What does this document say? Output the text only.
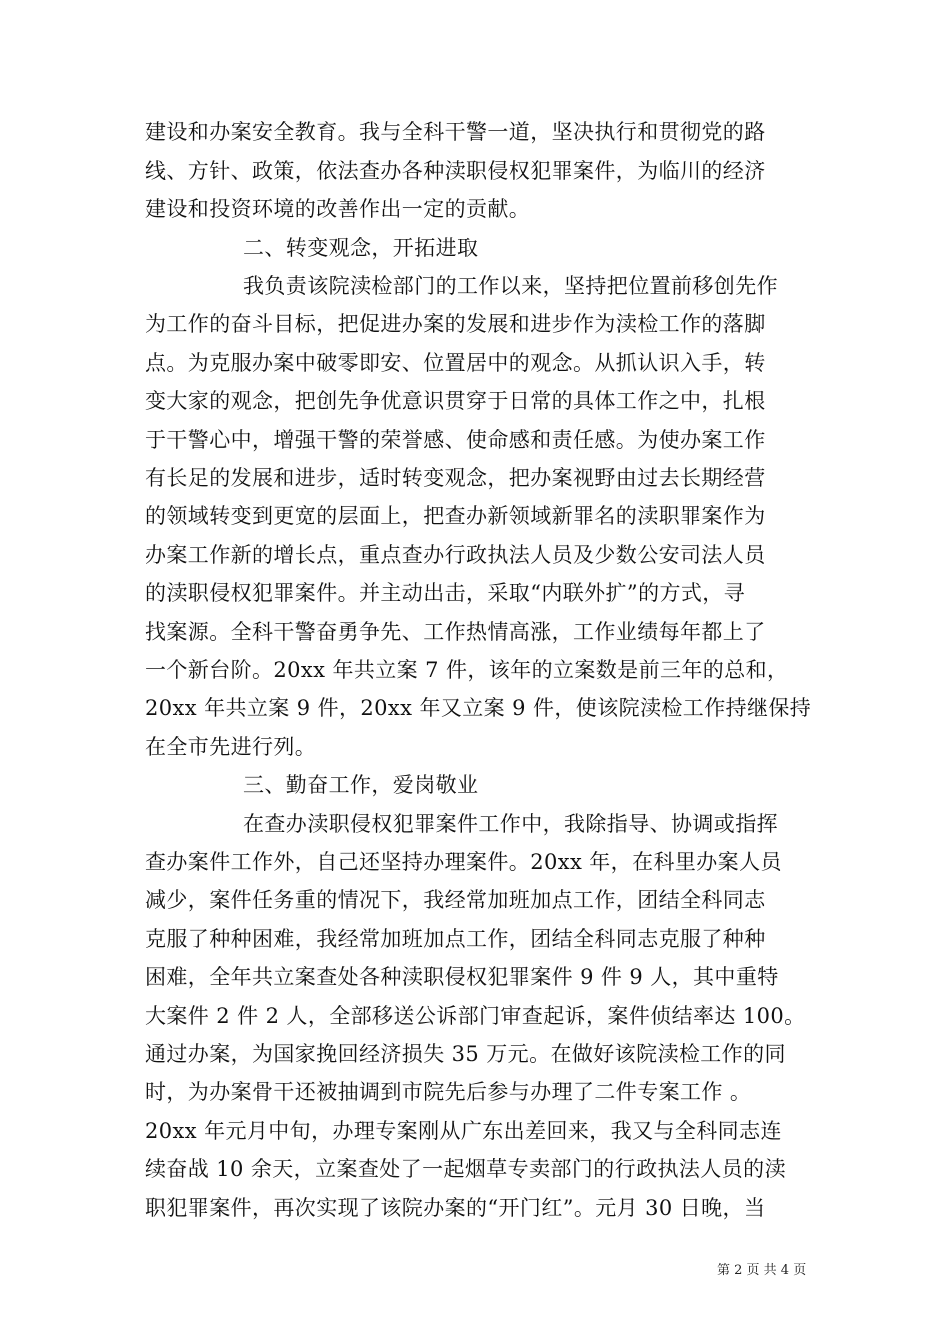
建设和办案安全教育。我与全科干警一道，坚决执行和贯彻党的路
线、方针、政策，依法查办各种渎职侵权犯罪案件，为临川的经济
建设和投资环境的改善作出一定的贡献。
二、转变观念，开拓进取
我负责该院渎检部门的工作以来，坚持把位置前移创先作
为工作的奋斗目标，把促进办案的发展和进步作为渎检工作的落脚
点。为克服办案中破零即安、位置居中的观念。从抓认识入手，转
变大家的观念，把创先争优意识贯穿于日常的具体工作之中，扎根
于干警心中，增强干警的荣誉感、使命感和责任感。为使办案工作
有长足的发展和进步，适时转变观念，把办案视野由过去长期经营
的领域转变到更宽的层面上，把查办新领域新罪名的渎职罪案作为
办案工作新的增长点，重点查办行政执法人员及少数公安司法人员
的渎职侵权犯罪案件。并主动出击，采取“内联外扩”的方式，寻
找案源。全科干警奋勇争先、工作热情高涨，工作业绩每年都上了
一个新台阶。20xx 年共立案 7 件，该年的立案数是前三年的总和，
20xx 年共立案 9 件，20xx 年又立案 9 件，使该院渎检工作持继保持
在全市先进行列。
三、勤奋工作，爱岗敬业
在查办渎职侵权犯罪案件工作中，我除指导、协调或指挥
查办案件工作外，自己还坚持办理案件。20xx 年，在科里办案人员
减少，案件任务重的情况下，我经常加班加点工作，团结全科同志
克服了种种困难，我经常加班加点工作，团结全科同志克服了种种
困难，全年共立案查处各种渎职侵权犯罪案件 9 件 9 人，其中重特
大案件 2 件 2 人，全部移送公诉部门审查起诉，案件侦结率达 100。
通过办案，为国家挽回经济损失 35 万元。在做好该院渎检工作的同
时，为办案骨干还被抽调到市院先后参与办理了二件专案工作 。
20xx 年元月中旬，办理专案刚从广东出差回来，我又与全科同志连
续奋战 10 余天，立案查处了一起烟草专卖部门的行政执法人员的渎
职犯罪案件，再次实现了该院办案的“开门红”。元月 30 日晚，当
第 2 页 共 4 页
